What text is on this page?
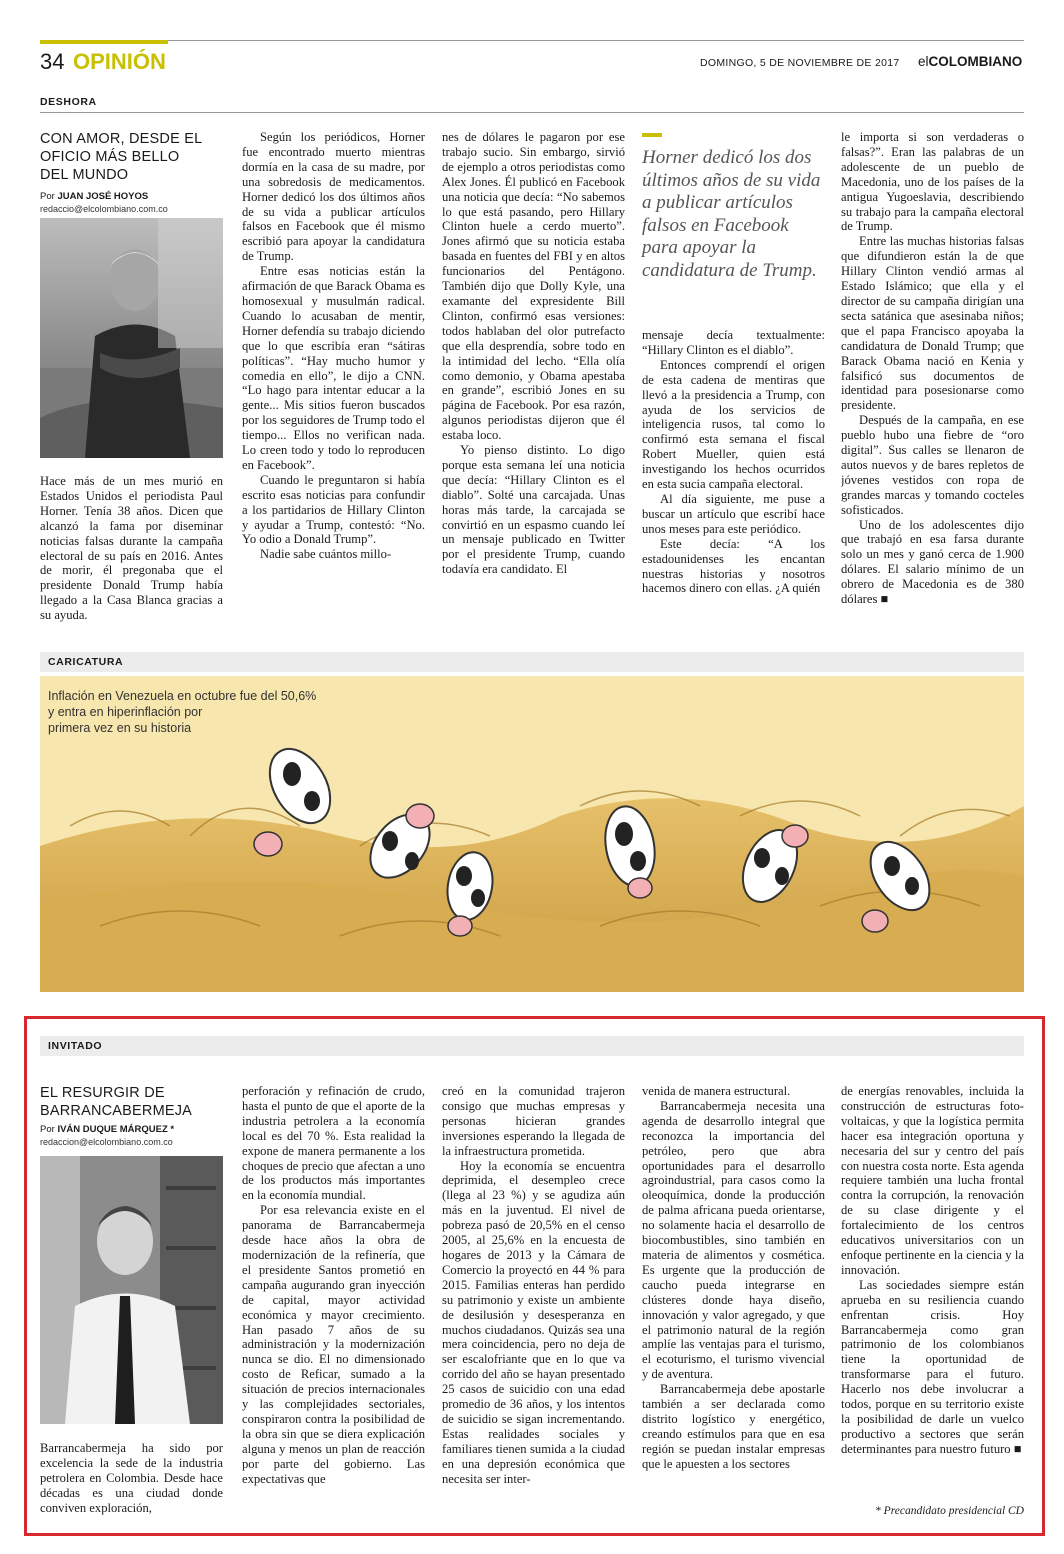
34 OPINIÓN	DOMINGO, 5 DE NOVIEMBRE DE 2017 elCOLOMBIANO
DESHORA
CON AMOR, DESDE EL OFICIO MÁS BELLO DEL MUNDO
Por JUAN JOSÉ HOYOS
redaccio@elcolombiano.com.co

Hace más de un mes murió en Estados Unidos el periodista Paul Horner. Tenía 38 años. Dicen que alcanzó la fama por diseminar noticias falsas durante la campaña electoral de su país en 2016. Antes de morir, él pregonaba que el presidente Donald Trump había llegado a la Casa Blanca gracias a su ayuda.

Según los periódicos, Horner fue encontrado muerto mientras dormía en la casa de su madre, por una sobredosis de medicamentos. Horner dedicó los dos últimos años de su vida a publicar artículos falsos en Facebook que él mismo escribió para apoyar la candidatura de Trump.

Entre esas noticias están la afirmación de que Barack Obama es homosexual y musulmán radical. Cuando lo acusaban de mentir, Horner defendía su trabajo diciendo que lo que escribía eran “sátiras políticas”. “Hay mucho humor y comedia en ello”, le dijo a CNN. “Lo hago para intentar educar a la gente... Mis sitios fueron buscados por los seguidores de Trump todo el tiempo... Ellos no verifican nada. Lo creen todo y todo lo reproducen en Facebook”.

Cuando le preguntaron si había escrito esas noticias para confundir a los partidarios de Hillary Clinton y ayudar a Trump, contestó: “No. Yo odio a Donald Trump”.

Nadie sabe cuántos millo-

nes de dólares le pagaron por ese trabajo sucio. Sin embargo, sirvió de ejemplo a otros periodistas como Alex Jones. Él publicó en Facebook una noticia que decía: “No sabemos lo que está pasando, pero Hillary Clinton huele a cerdo muerto”. Jones afirmó que su noticia estaba basada en fuentes del FBI y en altos funcionarios del Pentágono. También dijo que Dolly Kyle, una examante del expresidente Bill Clinton, confirmó esas versiones: todos hablaban del olor putrefacto que ella desprendía, sobre todo en la intimidad del lecho. “Ella olía como demonio, y Obama apestaba en grande”, escribió Jones en su página de Facebook. Por esa razón, algunos periodistas dijeron que él estaba loco.

Yo pienso distinto. Lo digo porque esta semana leí una noticia que decía: “Hillary Clinton es el diablo”. Solté una carcajada. Unas horas más tarde, la carcajada se convirtió en un espasmo cuando leí un mensaje publicado en Twitter por el presidente Trump, cuando todavía era candidato. El

Horner dedicó los dos últimos años de su vida a publicar artículos falsos en Facebook para apoyar la candidatura de Trump.

mensaje decía textualmente: “Hillary Clinton es el diablo”.

Entonces comprendí el origen de esta cadena de mentiras que llevó a la presidencia a Trump, con ayuda de los servicios de inteligencia rusos, tal como lo confirmó esta semana el fiscal Robert Mueller, quien está investigando los hechos ocurridos en esta sucia campaña electoral.

Al día siguiente, me puse a buscar un artículo que escribí hace unos meses para este periódico.

Este decía: “A los estadounidenses les encantan nuestras historias y nosotros hacemos dinero con ellas. ¿A quién

le importa si son verdaderas o falsas?”. Eran las palabras de un adolescente de un pueblo de Macedonia, uno de los países de la antigua Yugoeslavia, describiendo su trabajo para la campaña electoral de Trump.

Entre las muchas historias falsas que difundieron están la de que Hillary Clinton vendió armas al Estado Islámico; que ella y el director de su campaña dirigían una secta satánica que asesinaba niños; que el papa Francisco apoyaba la candidatura de Donald Trump; que Barack Obama nació en Kenia y falsificó sus documentos de identidad para posesionarse como presidente.

Después de la campaña, en ese pueblo hubo una fiebre de “oro digital”. Sus calles se llenaron de autos nuevos y de bares repletos de jóvenes vestidos con ropa de grandes marcas y tomando cocteles sofisticados.

Uno de los adolescentes dijo que trabajó en esa farsa durante solo un mes y ganó cerca de 1.900 dólares. El salario mínimo de un obrero de Macedonia es de 380 dólares ■

CARICATURA
Inflación en Venezuela en octubre fue del 50,6%
y entra en hiperinflación por
primera vez en su historia
INVITADO
EL RESURGIR DE BARRANCABERMEJA
Por IVÁN DUQUE MÁRQUEZ *
redaccion@elcolombiano.com.co

Barrancabermeja ha sido por excelencia la sede de la industria petrolera en Colombia. Desde hace décadas es una ciudad donde conviven exploración,

perforación y refinación de crudo, hasta el punto de que el aporte de la industria petrolera a la economía local es del 70 %. Esta realidad la expone de manera permanente a los choques de precio que afectan a uno de los productos más importantes en la economía mundial.

Por esa relevancia existe en el panorama de Barrancabermeja desde hace años la obra de modernización de la refinería, que el presidente Santos prometió en campaña augurando gran inyección de capital, mayor actividad económica y mayor crecimiento. Han pasado 7 años de su administración y la modernización nunca se dio. El no dimensionado costo de Reficar, sumado a la situación de precios internacionales y las complejidades sectoriales, conspiraron contra la posibilidad de la obra sin que se diera explicación alguna y menos un plan de reacción por parte del gobierno. Las expectativas que

creó en la comunidad trajeron consigo que muchas empresas y personas hicieran grandes inversiones esperando la llegada de la infraestructura prometida.

Hoy la economía se encuentra deprimida, el desempleo crece (llega al 23 %) y se agudiza aún más en la juventud. El nivel de pobreza pasó de 20,5% en el censo 2005, al 25,6% en la encuesta de hogares de 2013 y la Cámara de Comercio la proyectó en 44 % para 2015. Familias enteras han perdido su patrimonio y existe un ambiente de desilusión y desesperanza en muchos ciudadanos. Quizás sea una mera coincidencia, pero no deja de ser escalofriante que en lo que va corrido del año se hayan presentado 25 casos de suicidio con una edad promedio de 36 años, y los intentos de suicidio se sigan incrementando. Estas realidades sociales y familiares tienen sumida a la ciudad en una depresión económica que necesita ser inter-

venida de manera estructural.

Barrancabermeja necesita una agenda de desarrollo integral que reconozca la importancia del petróleo, pero que abra oportunidades para el desarrollo agroindustrial, para casos como la oleoquímica, donde la producción de palma africana pueda orientarse, no solamente hacia el desarrollo de biocombustibles, sino también en materia de alimentos y cosmética. Es urgente que la producción de caucho pueda integrarse en clústeres donde haya diseño, innovación y valor agregado, y que el patrimonio natural de la región amplíe las ventajas para el turismo, el ecoturismo, el turismo vivencial y de aventura.

Barrancabermeja debe apostarle también a ser declarada como distrito logístico y energético, creando estímulos para que en esa región se puedan instalar empresas que le apuesten a los sectores

de energías renovables, incluida la construcción de estructuras foto-voltaicas, y que la logística permita hacer esa integración oportuna y necesaria del sur y centro del país con nuestra costa norte. Esta agenda requiere también una lucha frontal contra la corrupción, la renovación de su clase dirigente y el fortalecimiento de los centros educativos universitarios con un enfoque pertinente en la ciencia y la innovación.

Las sociedades siempre están aprueba en su resiliencia cuando enfrentan crisis. Hoy Barrancabermeja como gran patrimonio de los colombianos tiene la oportunidad de transformarse para el futuro. Hacerlo nos debe involucrar a todos, porque en su territorio existe la posibilidad de darle un vuelco productivo a sectores que serán determinantes para nuestro futuro ■

* Precandidato presidencial CD
